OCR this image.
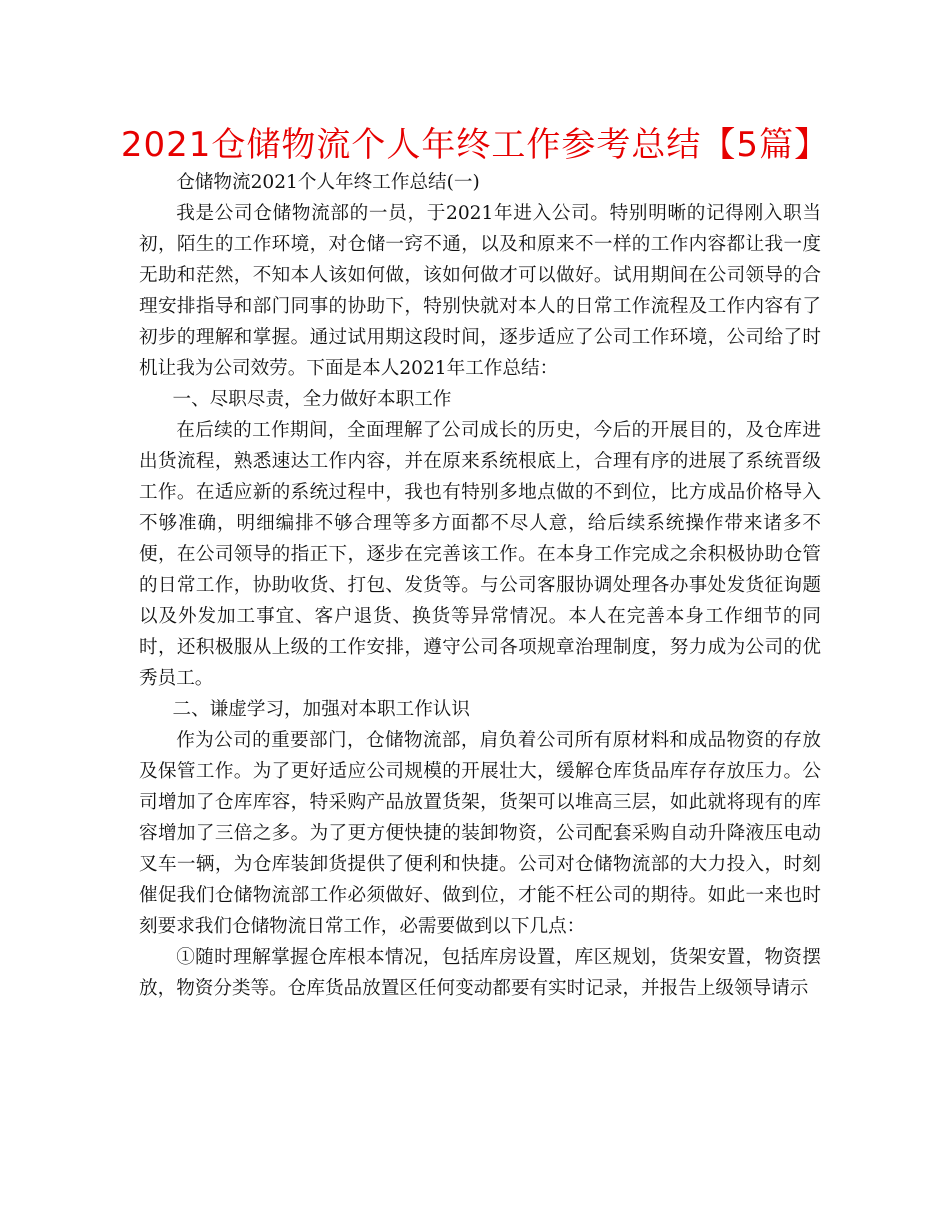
2021仓储物流个人年终工作参考总结【5篇】

仓储物流2021个人年终工作总结(一)

我是公司仓储物流部的一员，于2021年进入公司。特别明晰的记得刚入职当初，陌生的工作环境，对仓储一窍不通，以及和原来不一样的工作内容都让我一度无助和茫然，不知本人该如何做，该如何做才可以做好。试用期间在公司领导的合理安排指导和部门同事的协助下，特别快就对本人的日常工作流程及工作内容有了初步的理解和掌握。通过试用期这段时间，逐步适应了公司工作环境，公司给了时机让我为公司效劳。下面是本人2021年工作总结：

一、尽职尽责，全力做好本职工作

在后续的工作期间，全面理解了公司成长的历史，今后的开展目的，及仓库进出货流程，熟悉速达工作内容，并在原来系统根底上，合理有序的进展了系统晋级工作。在适应新的系统过程中，我也有特别多地点做的不到位，比方成品价格导入不够准确，明细编排不够合理等多方面都不尽人意，给后续系统操作带来诸多不便，在公司领导的指正下，逐步在完善该工作。在本身工作完成之余积极协助仓管的日常工作，协助收货、打包、发货等。与公司客服协调处理各办事处发货征询题以及外发加工事宜、客户退货、换货等异常情况。本人在完善本身工作细节的同时，还积极服从上级的工作安排，遵守公司各项规章治理制度，努力成为公司的优秀员工。

二、谦虚学习，加强对本职工作认识

作为公司的重要部门，仓储物流部，肩负着公司所有原材料和成品物资的存放及保管工作。为了更好适应公司规模的开展壮大，缓解仓库货品库存存放压力。公司增加了仓库库容，特采购产品放置货架，货架可以堆高三层，如此就将现有的库容增加了三倍之多。为了更方便快捷的装卸物资，公司配套采购自动升降液压电动叉车一辆，为仓库装卸货提供了便利和快捷。公司对仓储物流部的大力投入，时刻催促我们仓储物流部工作必须做好、做到位，才能不枉公司的期待。如此一来也时刻要求我们仓储物流日常工作，必需要做到以下几点：

①随时理解掌握仓库根本情况，包括库房设置，库区规划，货架安置，物资摆放，物资分类等。仓库货品放置区任何变动都要有实时记录，并报告上级领导请示
